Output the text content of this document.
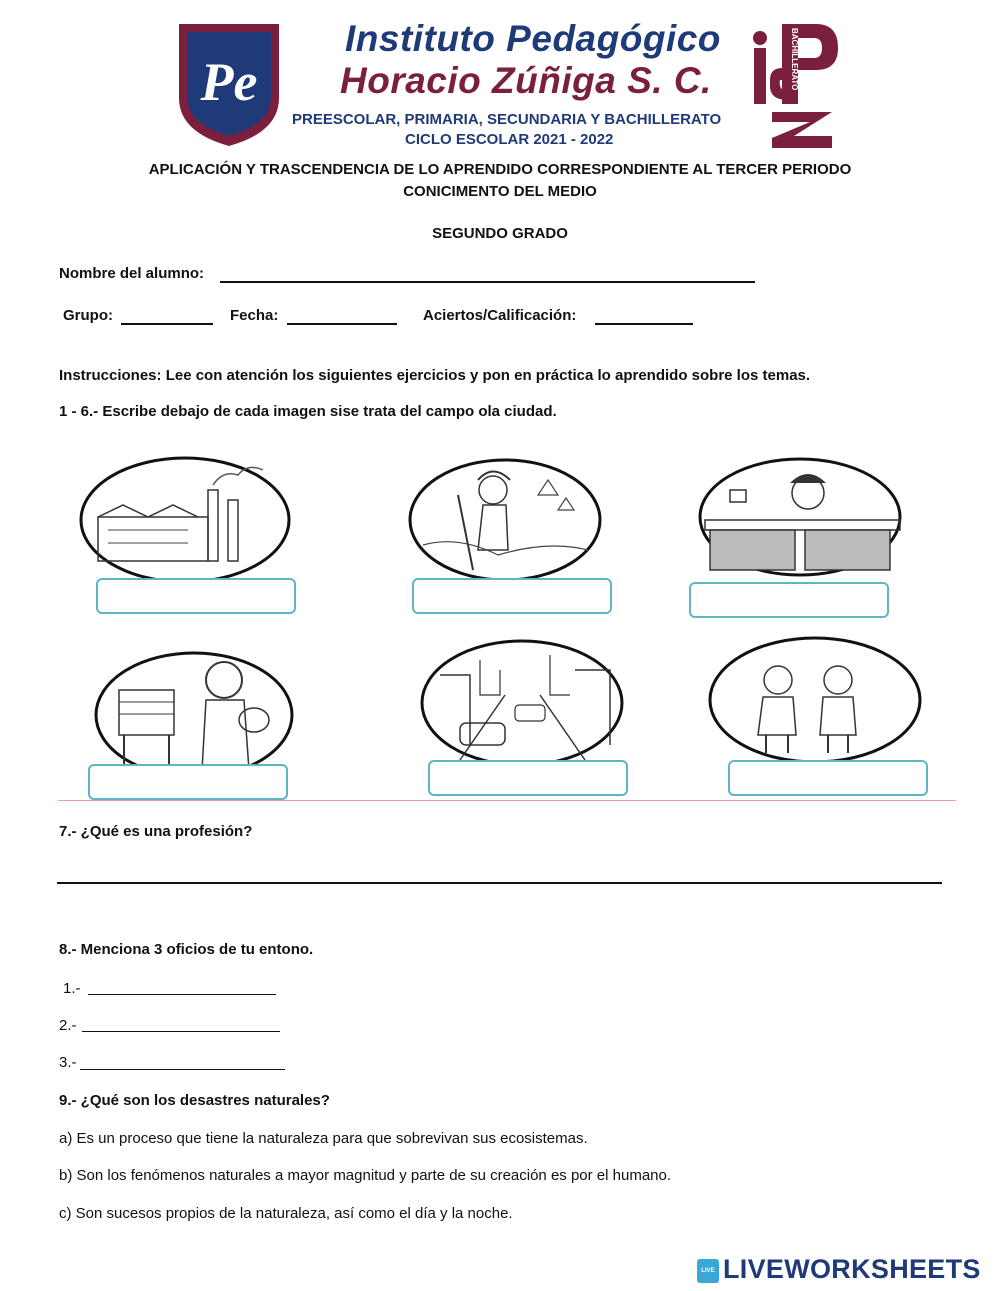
Pe
Instituto Pedagógico
Horacio Zúñiga S. C.
PREESCOLAR, PRIMARIA, SECUNDARIA Y BACHILLERATO
CICLO ESCOLAR 2021 - 2022
BACHILLERATO
APLICACIÓN Y TRASCENDENCIA DE LO APRENDIDO CORRESPONDIENTE AL TERCER PERIODO
CONICIMENTO DEL MEDIO
SEGUNDO GRADO
Nombre del alumno:
Grupo:	Fecha:	Aciertos/Calificación:
Instrucciones: Lee con atención los siguientes ejercicios y pon en práctica lo aprendido sobre los temas.
1 - 6.- Escribe debajo de cada imagen sise trata del campo ola ciudad.
7.- ¿Qué es una profesión?
8.- Menciona 3 oficios de tu entono.
1.-
2.-
3.-
9.- ¿Qué son los desastres naturales?
a) Es un proceso que tiene la naturaleza para que sobrevivan sus ecosistemas.
b) Son los fenómenos naturales a mayor magnitud y parte de su creación es por el humano.
c) Son sucesos propios de la naturaleza, así como el día y la noche.
LIVE LIVEWORKSHEETS
